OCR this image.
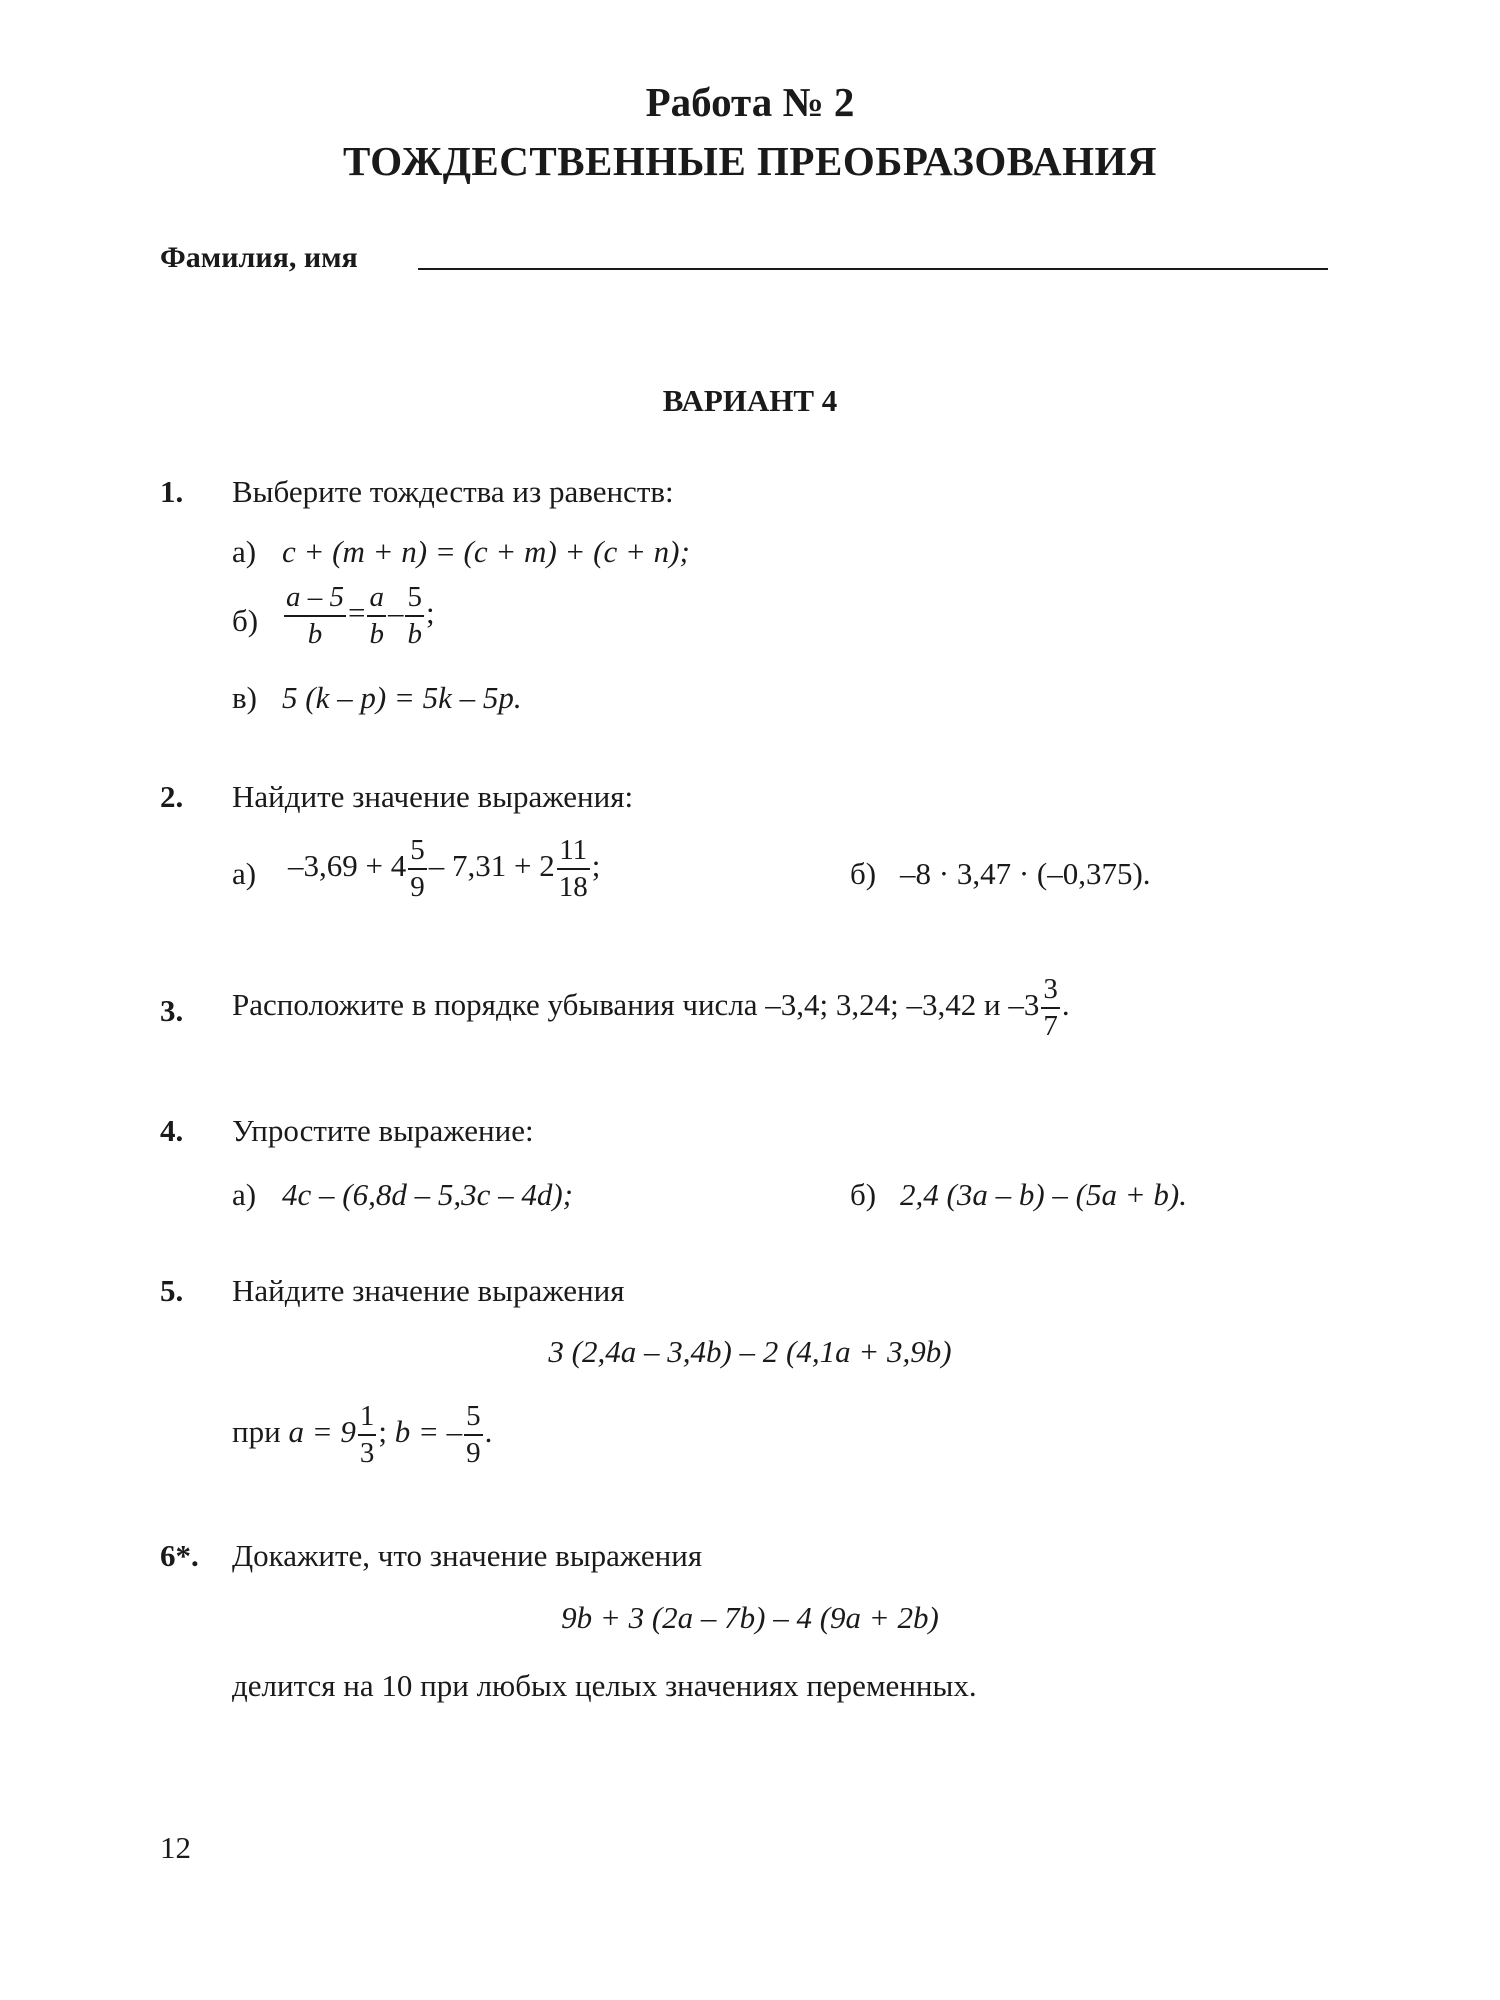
Работа № 2
ТОЖДЕСТВЕННЫЕ ПРЕОБРАЗОВАНИЯ
Фамилия, имя
ВАРИАНТ 4
1. Выберите тождества из равенств:
а) c + (m + n) = (c + m) + (c + n);
$б) \frac{a - 5}{b} = \frac{a}{b} - \frac{5}{b}$ ;
в) 5 (k – p) = 5k – 5p.
2. Найдите значение выражения:
а) $-3,69 + 4 \frac{5}{9} - 7,31 + 2 \frac{11}{18}$ ;	б) –8 · 3,47 · (–0,375).
3. Расположите в порядке убывания числа –3,4; 3,24; –3,42 и $-3 \frac{3}{7}$ .
4. Упростите выражение:
а) 4c – (6,8d – 5,3c – 4d);	б) 2,4 (3a – b) – (5a + b).
5. Найдите значение выражения
3 (2,4a – 3,4b) – 2 (4,1a + 3,9b)
при $a = 9 \frac{1}{3}$ ; b = – $\frac{5}{9}$ .
6*. Докажите, что значение выражения
9b + 3 (2a – 7b) – 4 (9a + 2b)
делится на 10 при любых целых значениях переменных.
12
